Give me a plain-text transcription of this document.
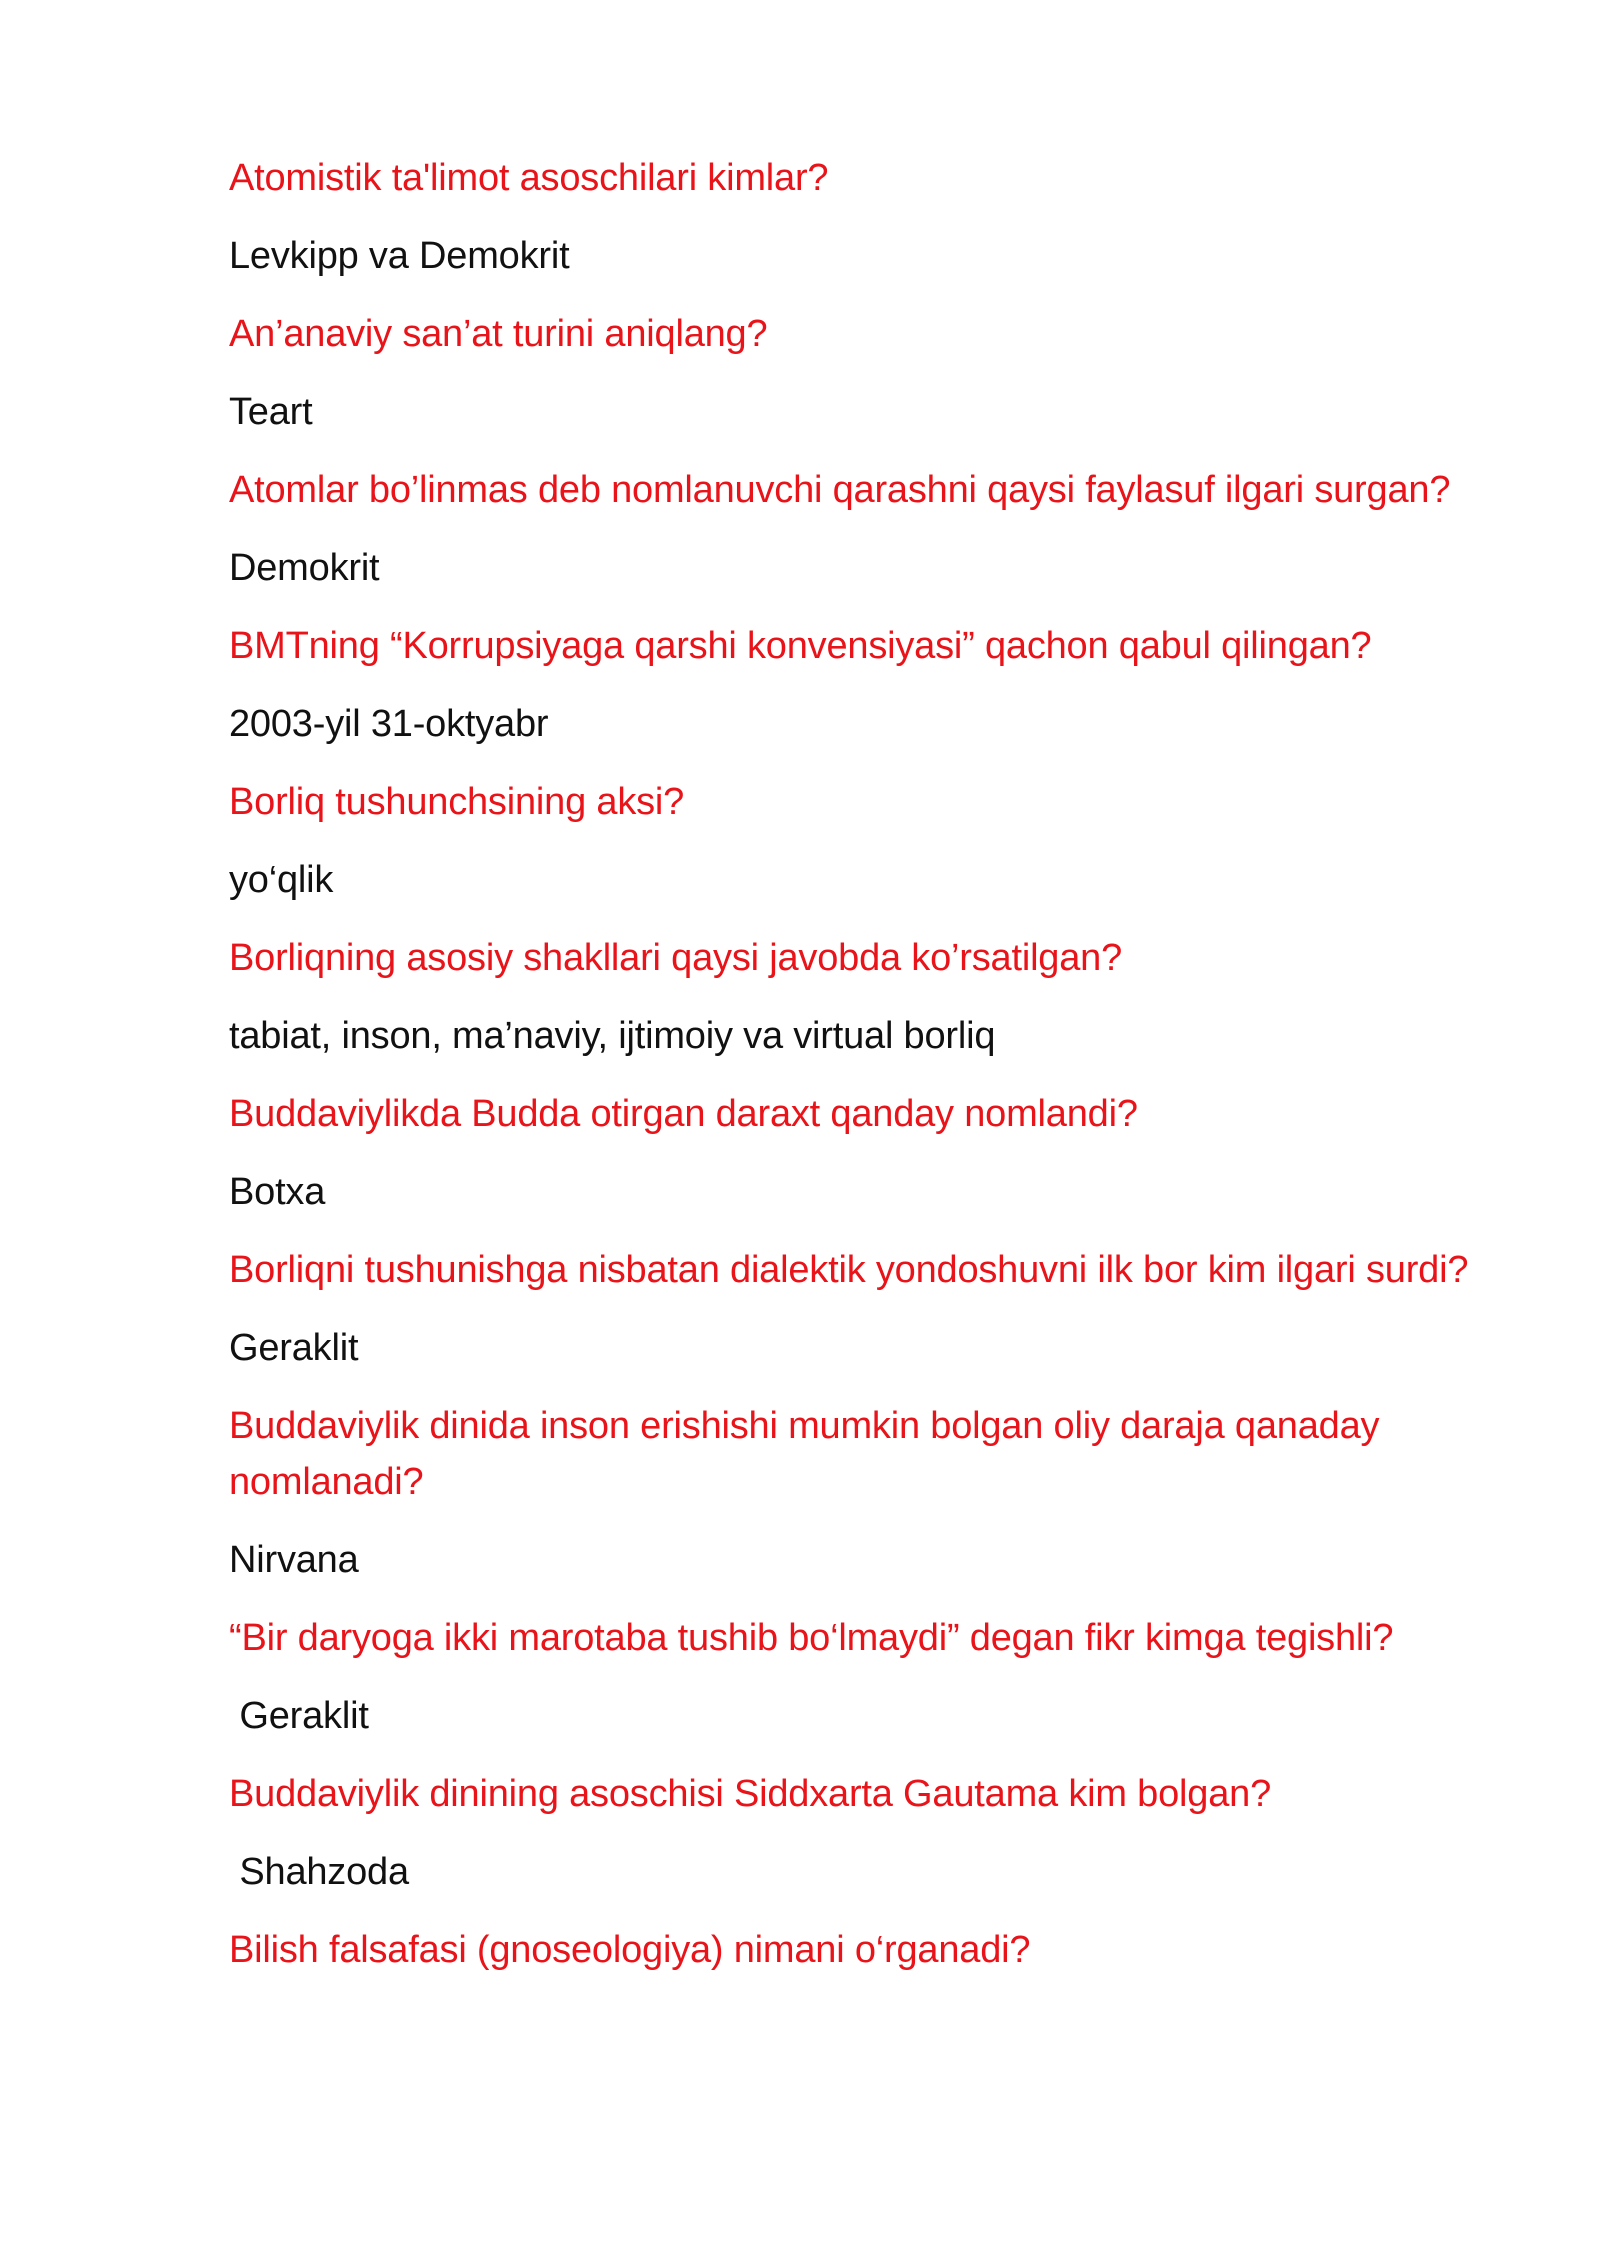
Atomistik ta'limot asoschilari kimlar?

Levkipp va Demokrit

An’anaviy san’at turini aniqlang?

Teart

Atomlar bo’linmas deb nomlanuvchi qarashni qaysi faylasuf ilgari surgan?

Demokrit

BMTning “Korrupsiyaga qarshi konvensiyasi” qachon qabul qilingan?

2003-yil 31-oktyabr

Borliq tushunchsining aksi?

yo‘qlik

Borliqning asosiy shakllari qaysi javobda ko’rsatilgan?

tabiat, inson, ma’naviy, ijtimoiy va virtual borliq

Buddaviylikda Budda otirgan daraxt qanday nomlandi?

Botxa

Borliqni tushunishga nisbatan dialektik yondoshuvni ilk bor kim ilgari surdi?

Geraklit

Buddaviylik dinida inson erishishi mumkin bolgan oliy daraja qanaday nomlanadi?

Nirvana

“Bir daryoga ikki marotaba tushib bo‘lmaydi” degan fikr kimga tegishli?

Geraklit

Buddaviylik dinining asoschisi Siddxarta Gautama kim bolgan?

Shahzoda

Bilish falsafasi (gnoseologiya) nimani o‘rganadi?
